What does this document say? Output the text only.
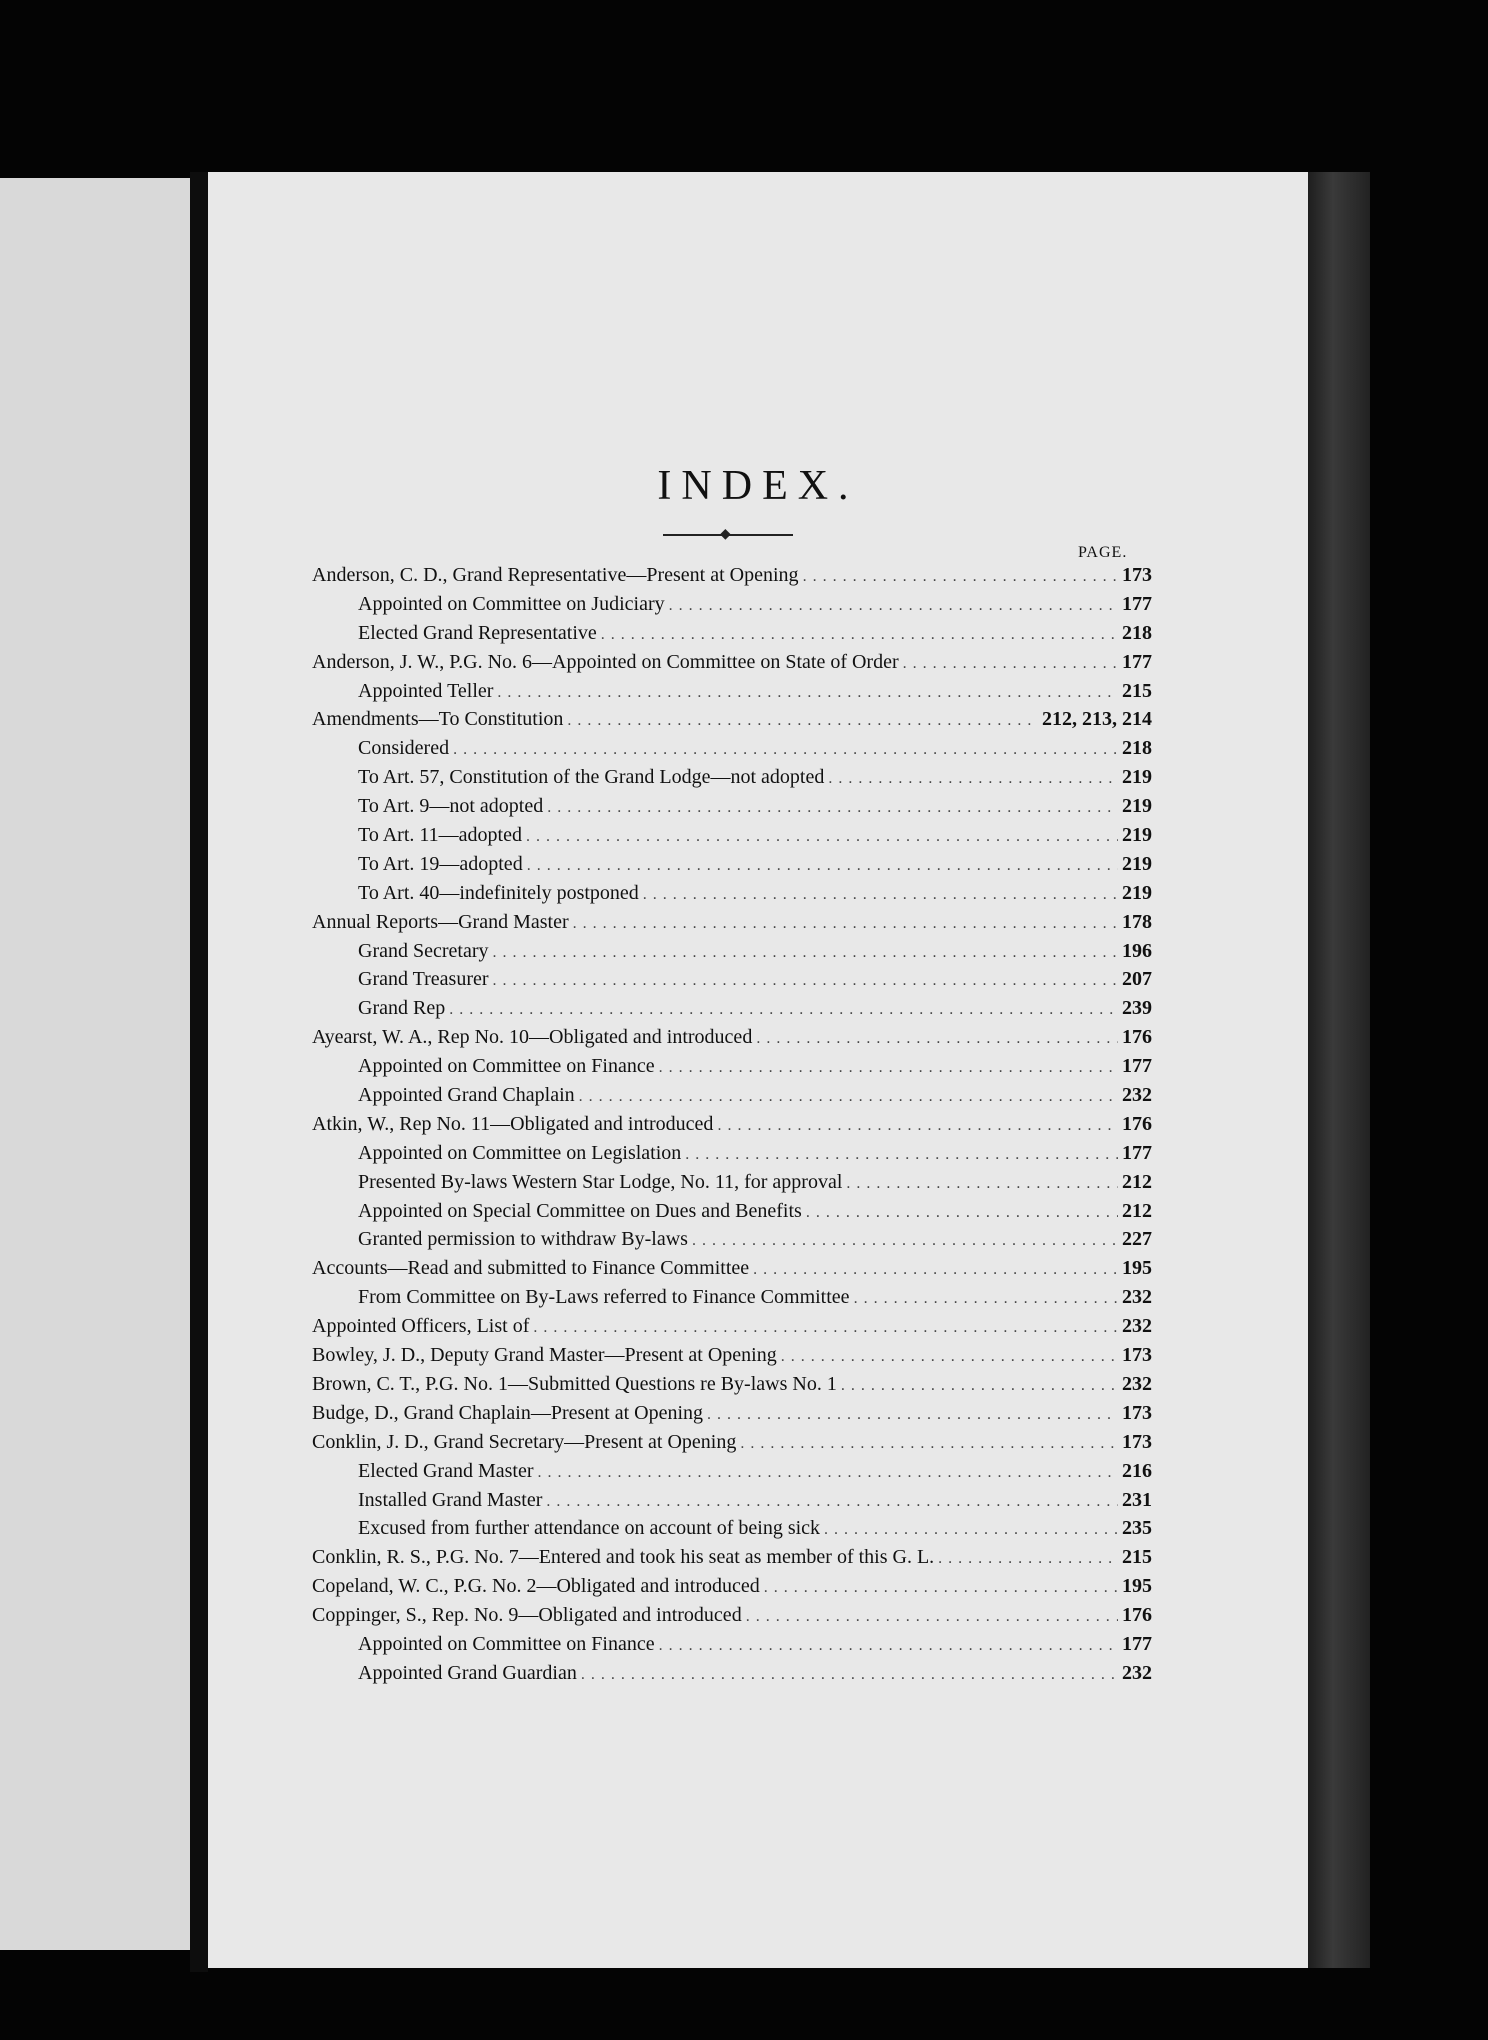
INDEX.
◆
PAGE.
Anderson, C. D., Grand Representative—Present at Opening . . .	173
Appointed on Committee on Judiciary . . .	177
Elected Grand Representative . . .	218
Anderson, J. W., P.G. No. 6—Appointed on Committee on State of Order . . .	177
Appointed Teller . . .	215
Amendments—To Constitution . . .	212, 213, 214
Considered . . .	218
To Art. 57, Constitution of the Grand Lodge—not adopted . . .	219
To Art. 9—not adopted . . .	219
To Art. 11—adopted . . .	219
To Art. 19—adopted . . .	219
To Art. 40—indefinitely postponed . . .	219
Annual Reports—Grand Master . . .	178
Grand Secretary . . .	196
Grand Treasurer . . .	207
Grand Rep . . .	239
Ayearst, W. A., Rep No. 10—Obligated and introduced . . .	176
Appointed on Committee on Finance . . .	177
Appointed Grand Chaplain . . .	232
Atkin, W., Rep No. 11—Obligated and introduced . . .	176
Appointed on Committee on Legislation . . .	177
Presented By-laws Western Star Lodge, No. 11, for approval . . .	212
Appointed on Special Committee on Dues and Benefits . . .	212
Granted permission to withdraw By-laws . . .	227
Accounts—Read and submitted to Finance Committee . . .	195
From Committee on By-Laws referred to Finance Committee . . .	232
Appointed Officers, List of . . .	232
Bowley, J. D., Deputy Grand Master—Present at Opening . . .	173
Brown, C. T., P.G. No. 1—Submitted Questions re By-laws No. 1 . . .	232
Budge, D., Grand Chaplain—Present at Opening . . .	173
Conklin, J. D., Grand Secretary—Present at Opening . . .	173
Elected Grand Master . . .	216
Installed Grand Master . . .	231
Excused from further attendance on account of being sick . . .	235
Conklin, R. S., P.G. No. 7—Entered and took his seat as member of this G. L. . . .	215
Copeland, W. C., P.G. No. 2—Obligated and introduced . . .	195
Coppinger, S., Rep. No. 9—Obligated and introduced . . .	176
Appointed on Committee on Finance . . .	177
Appointed Grand Guardian . . .	232
